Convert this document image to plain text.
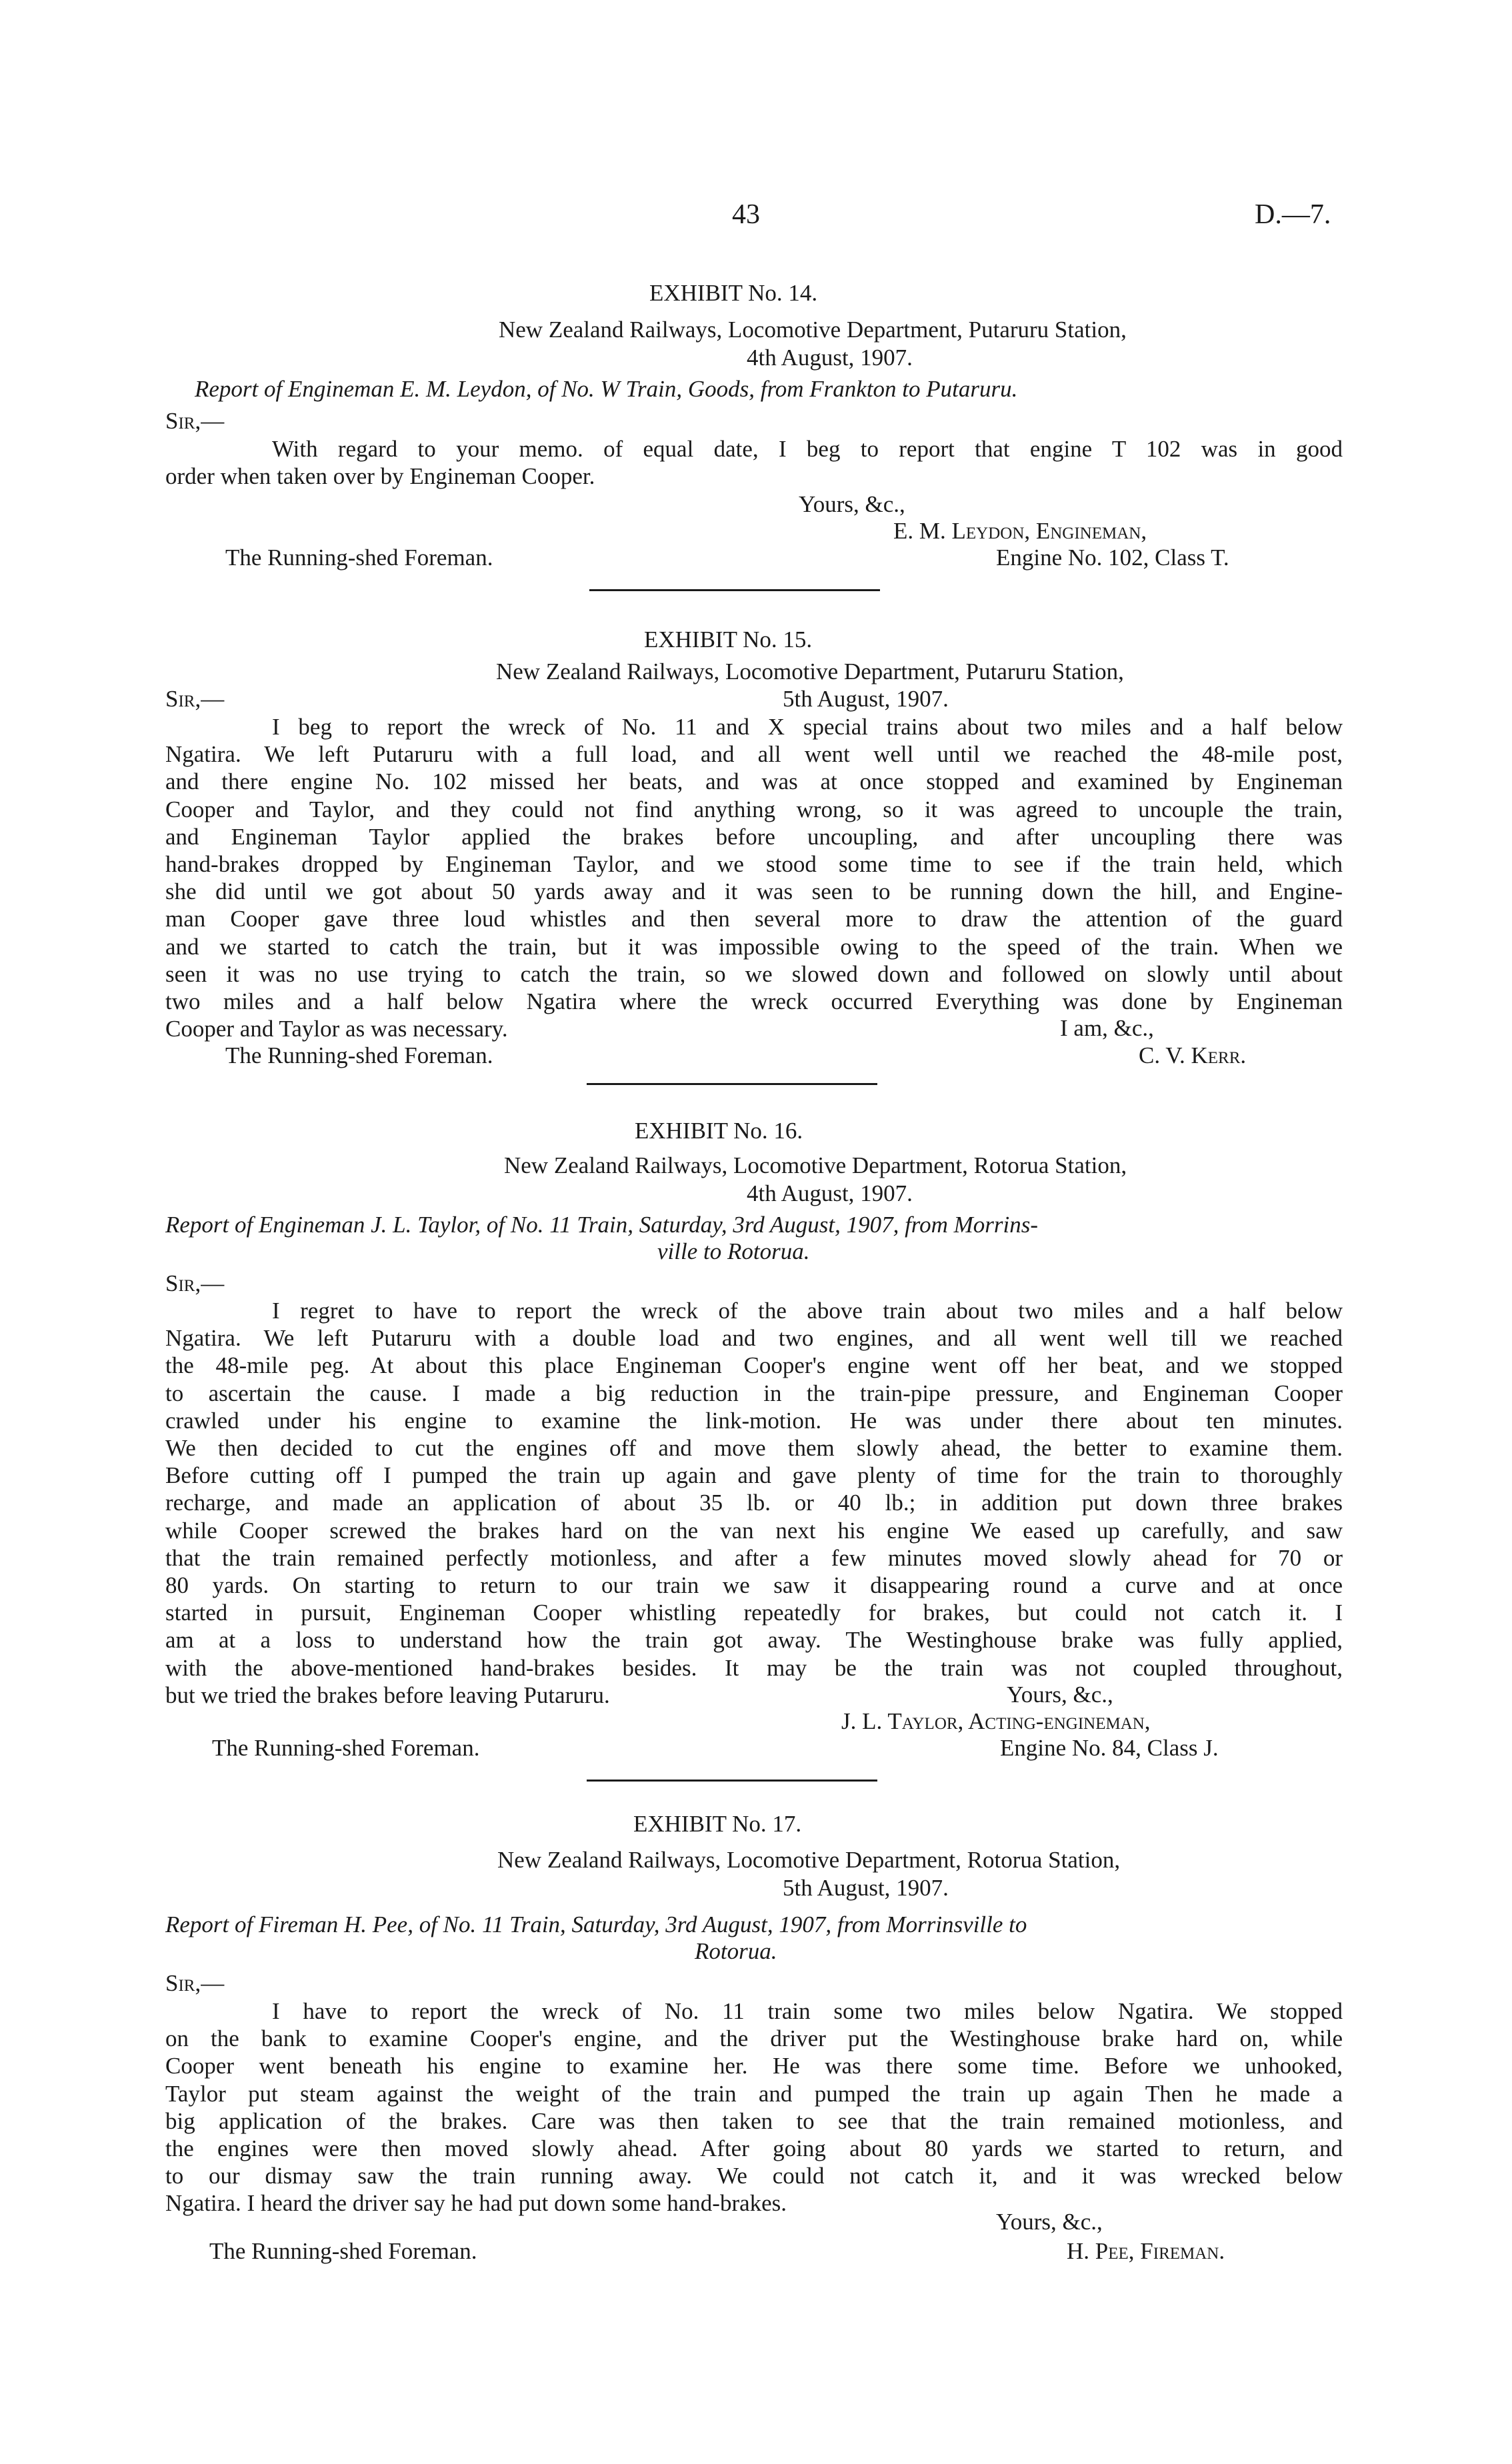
43	D.—7.
EXHIBIT No. 14.
New Zealand Railways, Locomotive Department, Putaruru Station,
4th August, 1907.
Report of Engineman E. M. Leydon, of No. W Train, Goods, from Frankton to Putaruru.
Sir,—
With regard to your memo. of equal date, I beg to report that engine T 102 was in good
order when taken over by Engineman Cooper.
Yours, &c.,
E. M. Leydon, Engineman,
The Running-shed Foreman.	Engine No. 102, Class T.
EXHIBIT No. 15.
New Zealand Railways, Locomotive Department, Putaruru Station,
Sir,—	5th August, 1907.
I beg to report the wreck of No. 11 and X special trains about two miles and a half below
Ngatira. We left Putaruru with a full load, and all went well until we reached the 48-mile post,
and there engine No. 102 missed her beats, and was at once stopped and examined by Engineman
Cooper and Taylor, and they could not find anything wrong, so it was agreed to uncouple the train,
and Engineman Taylor applied the brakes before uncoupling, and after uncoupling there was
hand-brakes dropped by Engineman Taylor, and we stood some time to see if the train held, which
she did until we got about 50 yards away and it was seen to be running down the hill, and Engine-
man Cooper gave three loud whistles and then several more to draw the attention of the guard
and we started to catch the train, but it was impossible owing to the speed of the train. When we
seen it was no use trying to catch the train, so we slowed down and followed on slowly until about
two miles and a half below Ngatira where the wreck occurred Everything was done by Engineman
Cooper and Taylor as was necessary.	I am, &c.,
The Running-shed Foreman.	C. V. Kerr.
EXHIBIT No. 16.
New Zealand Railways, Locomotive Department, Rotorua Station,
4th August, 1907.
Report of Engineman J. L. Taylor, of No. 11 Train, Saturday, 3rd August, 1907, from Morrins-
ville to Rotorua.
Sir,—
I regret to have to report the wreck of the above train about two miles and a half below
Ngatira. We left Putaruru with a double load and two engines, and all went well till we reached
the 48-mile peg. At about this place Engineman Cooper's engine went off her beat, and we stopped
to ascertain the cause. I made a big reduction in the train-pipe pressure, and Engineman Cooper
crawled under his engine to examine the link-motion. He was under there about ten minutes.
We then decided to cut the engines off and move them slowly ahead, the better to examine them.
Before cutting off I pumped the train up again and gave plenty of time for the train to thoroughly
recharge, and made an application of about 35 lb. or 40 lb.; in addition put down three brakes
while Cooper screwed the brakes hard on the van next his engine We eased up carefully, and saw
that the train remained perfectly motionless, and after a few minutes moved slowly ahead for 70 or
80 yards. On starting to return to our train we saw it disappearing round a curve and at once
started in pursuit, Engineman Cooper whistling repeatedly for brakes, but could not catch it. I
am at a loss to understand how the train got away. The Westinghouse brake was fully applied,
with the above-mentioned hand-brakes besides. It may be the train was not coupled throughout,
but we tried the brakes before leaving Putaruru.	Yours, &c.,
J. L. Taylor, Acting-engineman,
The Running-shed Foreman.	Engine No. 84, Class J.
EXHIBIT No. 17.
New Zealand Railways, Locomotive Department, Rotorua Station,
5th August, 1907.
Report of Fireman H. Pee, of No. 11 Train, Saturday, 3rd August, 1907, from Morrinsville to
Rotorua.
Sir,—
I have to report the wreck of No. 11 train some two miles below Ngatira. We stopped
on the bank to examine Cooper's engine, and the driver put the Westinghouse brake hard on, while
Cooper went beneath his engine to examine her. He was there some time. Before we unhooked,
Taylor put steam against the weight of the train and pumped the train up again Then he made a
big application of the brakes. Care was then taken to see that the train remained motionless, and
the engines were then moved slowly ahead. After going about 80 yards we started to return, and
to our dismay saw the train running away. We could not catch it, and it was wrecked below
Ngatira. I heard the driver say he had put down some hand-brakes.
Yours, &c.,
The Running-shed Foreman.	H. Pee, Fireman.
